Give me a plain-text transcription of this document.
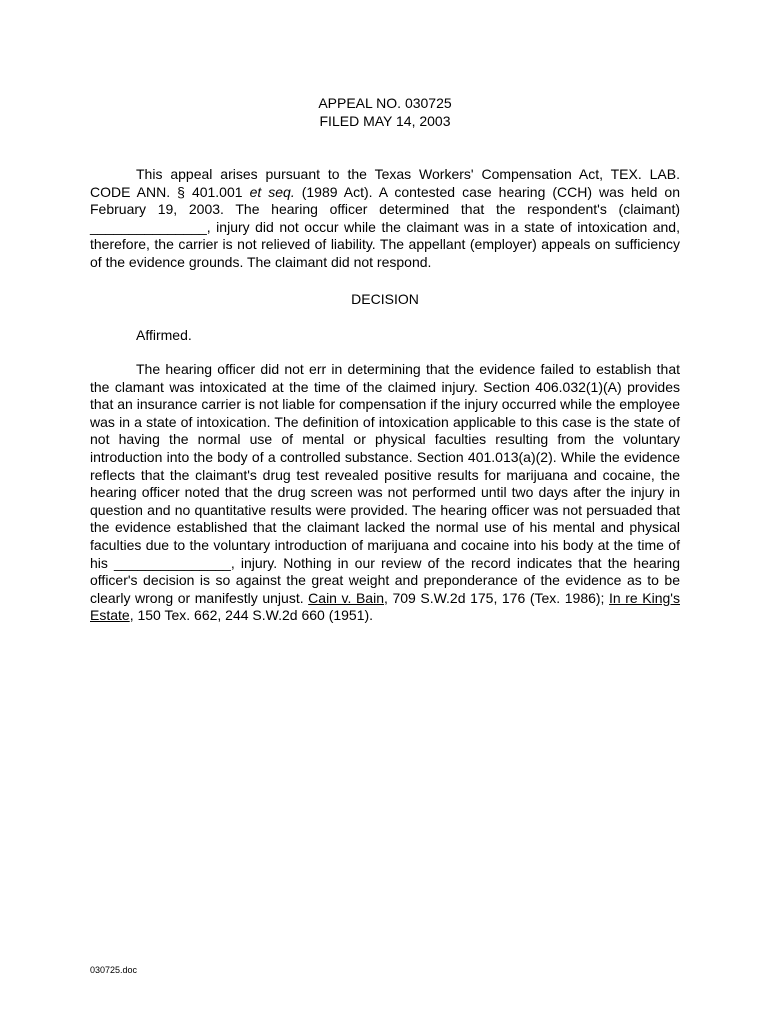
APPEAL NO. 030725
FILED MAY 14, 2003
This appeal arises pursuant to the Texas Workers' Compensation Act, TEX. LAB. CODE ANN. § 401.001 et seq. (1989 Act). A contested case hearing (CCH) was held on February 19, 2003. The hearing officer determined that the respondent's (claimant) _______________, injury did not occur while the claimant was in a state of intoxication and, therefore, the carrier is not relieved of liability. The appellant (employer) appeals on sufficiency of the evidence grounds. The claimant did not respond.
DECISION
Affirmed.
The hearing officer did not err in determining that the evidence failed to establish that the clamant was intoxicated at the time of the claimed injury. Section 406.032(1)(A) provides that an insurance carrier is not liable for compensation if the injury occurred while the employee was in a state of intoxication. The definition of intoxication applicable to this case is the state of not having the normal use of mental or physical faculties resulting from the voluntary introduction into the body of a controlled substance. Section 401.013(a)(2). While the evidence reflects that the claimant's drug test revealed positive results for marijuana and cocaine, the hearing officer noted that the drug screen was not performed until two days after the injury in question and no quantitative results were provided. The hearing officer was not persuaded that the evidence established that the claimant lacked the normal use of his mental and physical faculties due to the voluntary introduction of marijuana and cocaine into his body at the time of his _______________, injury. Nothing in our review of the record indicates that the hearing officer's decision is so against the great weight and preponderance of the evidence as to be clearly wrong or manifestly unjust. Cain v. Bain, 709 S.W.2d 175, 176 (Tex. 1986); In re King's Estate, 150 Tex. 662, 244 S.W.2d 660 (1951).
030725.doc
